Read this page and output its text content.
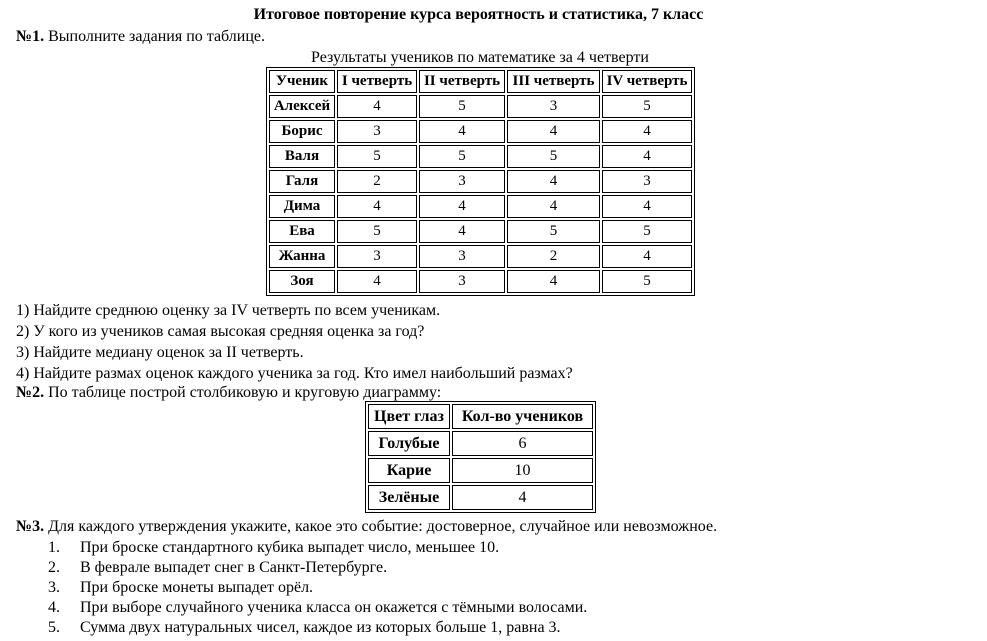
Итоговое повторение курса вероятность и статистика, 7 класс
№1. Выполните задания по таблице.
Результаты учеников по математике за 4 четверти
Ученик	I четверть	II четверть	III четверть	IV четверть
Алексей	4	5	3	5
Борис	3	4	4	4
Валя	5	5	5	4
Галя	2	3	4	3
Дима	4	4	4	4
Ева	5	4	5	5
Жанна	3	3	2	4
Зоя	4	3	4	5
1) Найдите среднюю оценку за IV четверть по всем ученикам.
2) У кого из учеников самая высокая средняя оценка за год?
3) Найдите медиану оценок за II четверть.
4) Найдите размах оценок каждого ученика за год. Кто имел наибольший размах?
№2. По таблице построй столбиковую и круговую диаграмму:
Цвет глаз	Кол-во учеников
Голубые	6
Карие	10
Зелёные	4
№3. Для каждого утверждения укажите, какое это событие: достоверное, случайное или невозможное.
1. При броске стандартного кубика выпадет число, меньшее 10.
2. В феврале выпадет снег в Санкт-Петербурге.
3. При броске монеты выпадет орёл.
4. При выборе случайного ученика класса он окажется с тёмными волосами.
5. Сумма двух натуральных чисел, каждое из которых больше 1, равна 3.
